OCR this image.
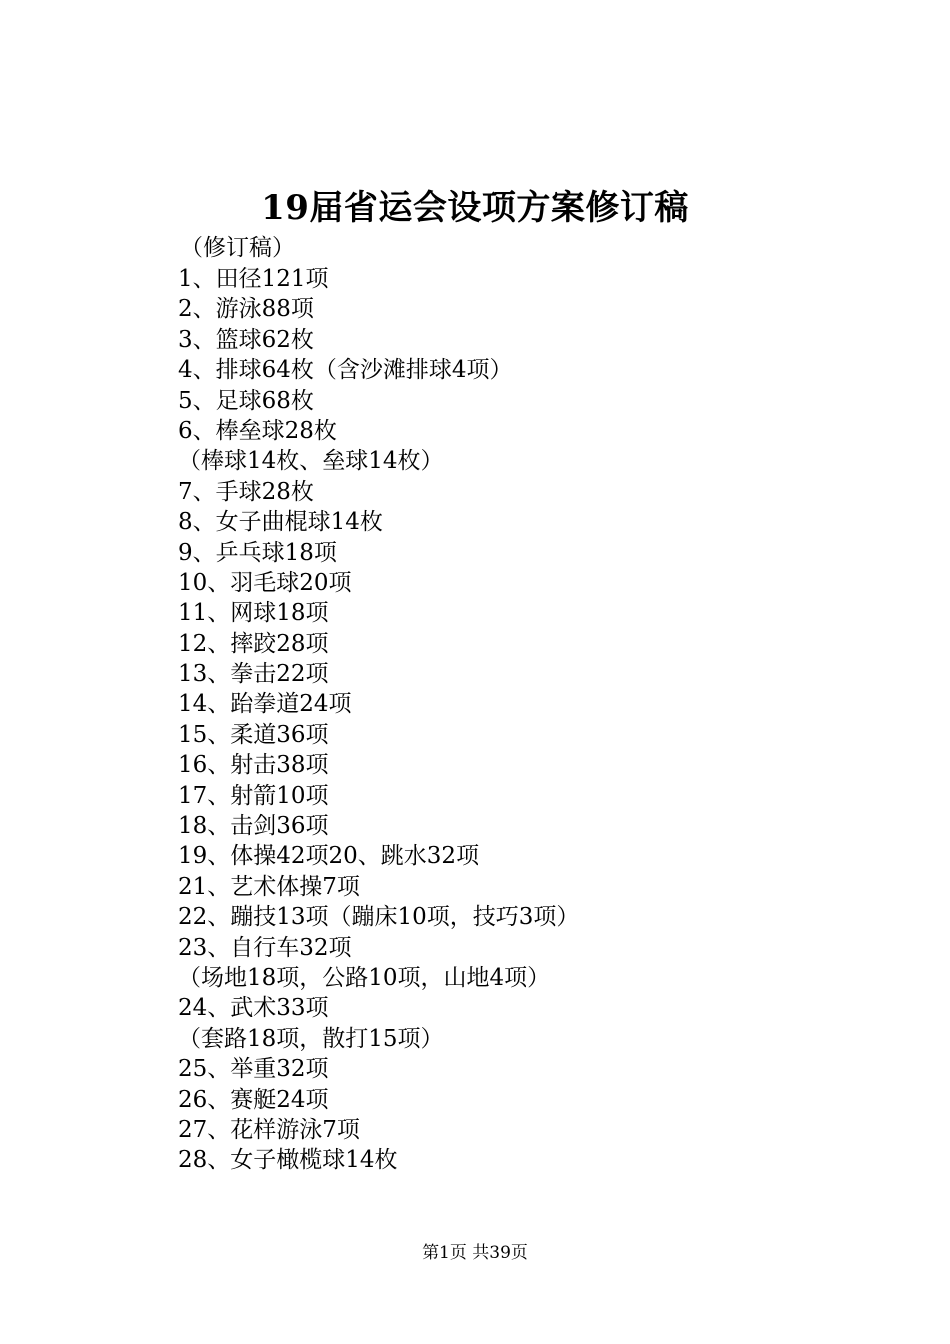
19届省运会设项方案修订稿
（修订稿）
1、田径121项
2、游泳88项
3、篮球62枚
4、排球64枚（含沙滩排球4项）
5、足球68枚
6、棒垒球28枚
（棒球14枚、垒球14枚）
7、手球28枚
8、女子曲棍球14枚
9、乒乓球18项
10、羽毛球20项
11、网球18项
12、摔跤28项
13、拳击22项
14、跆拳道24项
15、柔道36项
16、射击38项
17、射箭10项
18、击剑36项
19、体操42项20、跳水32项
21、艺术体操7项
22、蹦技13项（蹦床10项，技巧3项）
23、自行车32项
（场地18项，公路10项，山地4项）
24、武术33项
（套路18项，散打15项）
25、举重32项
26、赛艇24项
27、花样游泳7项
28、女子橄榄球14枚
第1页 共39页
